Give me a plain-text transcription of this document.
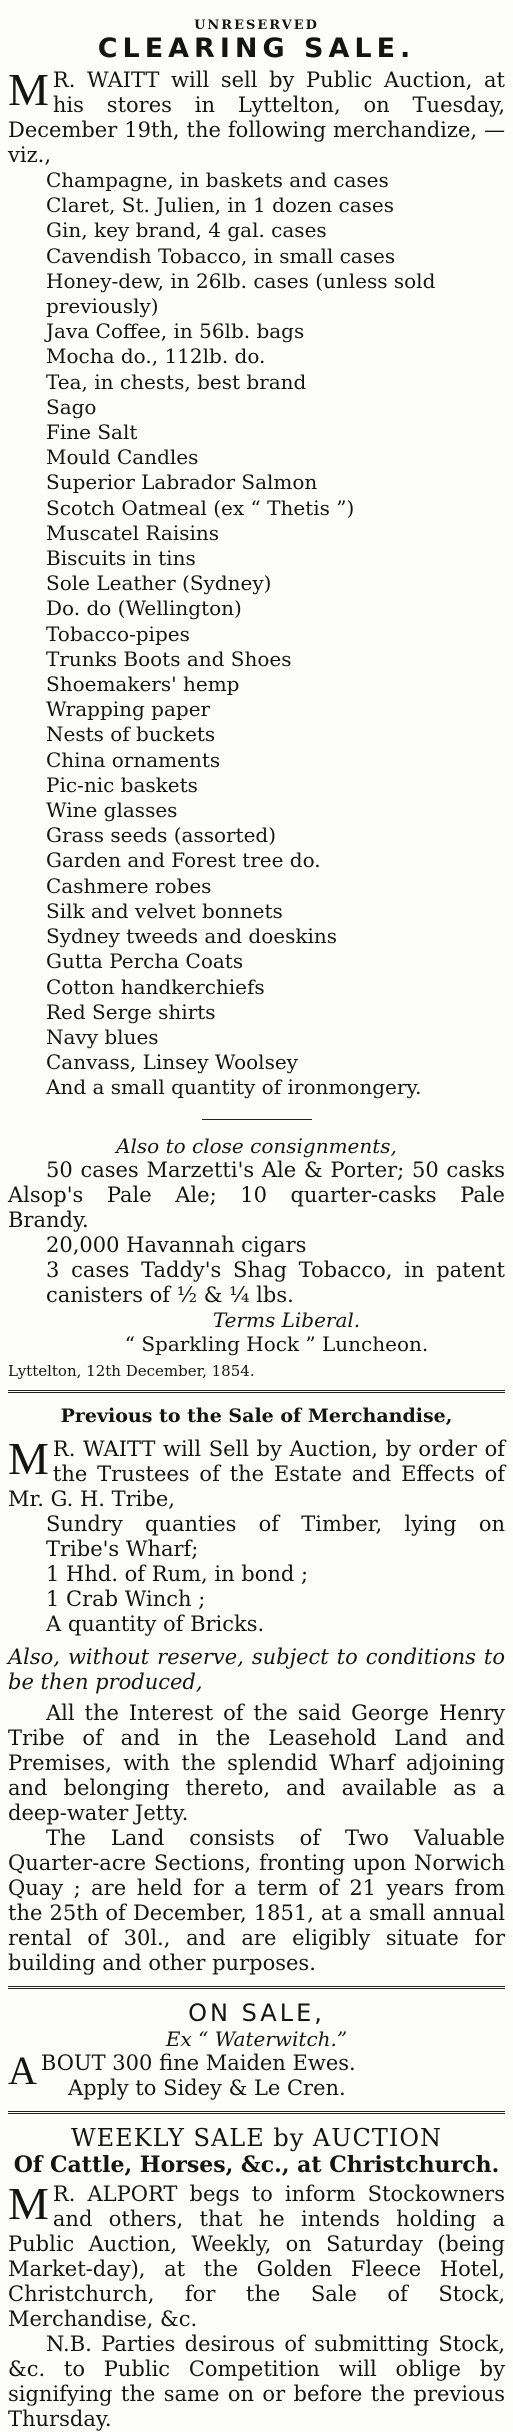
UNRESERVED
CLEARING SALE.
M R. WAITT will sell by Public Auction, at his stores in Lyttelton, on Tuesday, December 19th, the following merchandize, —viz.,
Champagne, in baskets and cases
Claret, St. Julien, in 1 dozen cases
Gin, key brand, 4 gal. cases
Cavendish Tobacco, in small cases
Honey-dew, in 26lb. cases (unless sold previously)
Java Coffee, in 56lb. bags
Mocha do., 112lb. do.
Tea, in chests, best brand
Sago
Fine Salt
Mould Candles
Superior Labrador Salmon
Scotch Oatmeal (ex “ Thetis ”)
Muscatel Raisins
Biscuits in tins
Sole Leather (Sydney)
Do. do (Wellington)
Tobacco-pipes
Trunks Boots and Shoes
Shoemakers' hemp
Wrapping paper
Nests of buckets
China ornaments
Pic-nic baskets
Wine glasses
Grass seeds (assorted)
Garden and Forest tree do.
Cashmere robes
Silk and velvet bonnets
Sydney tweeds and doeskins
Gutta Percha Coats
Cotton handkerchiefs
Red Serge shirts
Navy blues
Canvass, Linsey Woolsey
And a small quantity of ironmongery.
Also to close consignments,
50 cases Marzetti's Ale & Porter; 50 casks Alsop's Pale Ale; 10 quarter-casks Pale Brandy.
20,000 Havannah cigars
3 cases Taddy's Shag Tobacco, in patent canisters of ½ & ¼ lbs.
Terms Liberal.
“ Sparkling Hock ” Luncheon.
Lyttelton, 12th December, 1854.
Previous to the Sale of Merchandise,
M R. WAITT will Sell by Auction, by order of the Trustees of the Estate and Effects of Mr. G. H. Tribe,
Sundry quanties of Timber, lying on Tribe's Wharf;
1 Hhd. of Rum, in bond ;
1 Crab Winch ;
A quantity of Bricks.
Also, without reserve, subject to conditions to be then produced,
All the Interest of the said George Henry Tribe of and in the Leasehold Land and Premises, with the splendid Wharf adjoining and belonging thereto, and available as a deep-water Jetty.
The Land consists of Two Valuable Quarter-acre Sections, fronting upon Norwich Quay ; are held for a term of 21 years from the 25th of December, 1851, at a small annual rental of 30l., and are eligibly situate for building and other purposes.
ON SALE,
Ex “ Waterwitch.”
ABOUT 300 fine Maiden Ewes.
Apply to Sidey & Le Cren.
WEEKLY SALE by AUCTION
Of Cattle, Horses, &c., at Christchurch.
M R. ALPORT begs to inform Stockowners and others, that he intends holding a Public Auction, Weekly, on Saturday (being Market-day), at the Golden Fleece Hotel, Christchurch, for the Sale of Stock, Merchandise, &c.
N.B. Parties desirous of submitting Stock, &c. to Public Competition will oblige by signifying the same on or before the previous Thursday.
